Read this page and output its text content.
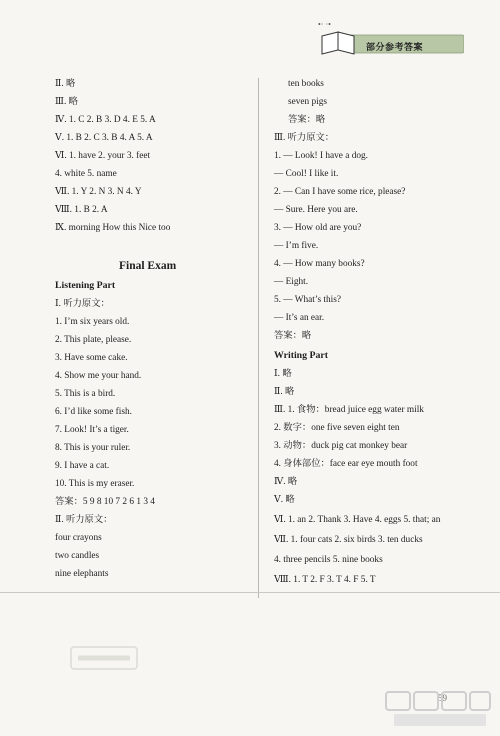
•· ·•
部分参考答案
Ⅱ. 略
Ⅲ. 略
Ⅳ. 1. C 2. B 3. D 4. E 5. A
Ⅴ. 1. B 2. C 3. B 4. A 5. A
Ⅵ. 1. have 2. your 3. feet
4. white 5. name
Ⅶ. 1. Y 2. N 3. N 4. Y
Ⅷ. 1. B 2. A
Ⅸ. morning How this Nice too
Final Exam
Listening Part
Ⅰ. 听力原文：
1. I’m six years old.
2. This plate, please.
3. Have some cake.
4. Show me your hand.
5. This is a bird.
6. I’d like some fish.
7. Look! It’s a tiger.
8. This is your ruler.
9. I have a cat.
10. This is my eraser.
答案：5 9 8 10 7 2 6 1 3 4
Ⅱ. 听力原文：
four crayons
two candles
nine elephants
ten books
seven pigs
答案：略
Ⅲ. 听力原文：
1. — Look! I have a dog.
— Cool! I like it.
2. — Can I have some rice, please?
— Sure. Here you are.
3. — How old are you?
— I’m five.
4. — How many books?
— Eight.
5. — What’s this?
— It’s an ear.
答案：略
Writing Part
Ⅰ. 略
Ⅱ. 略
Ⅲ. 1. 食物：bread juice egg water milk
2. 数字：one five seven eight ten
3. 动物：duck pig cat monkey bear
4. 身体部位：face ear eye mouth foot
Ⅳ. 略
Ⅴ. 略
Ⅵ. 1. an 2. Thank 3. Have 4. eggs 5. that; an
Ⅶ. 1. four cats 2. six birds 3. ten ducks
4. three pencils 5. nine books
Ⅷ. 1. T 2. F 3. T 4. F 5. T
59
